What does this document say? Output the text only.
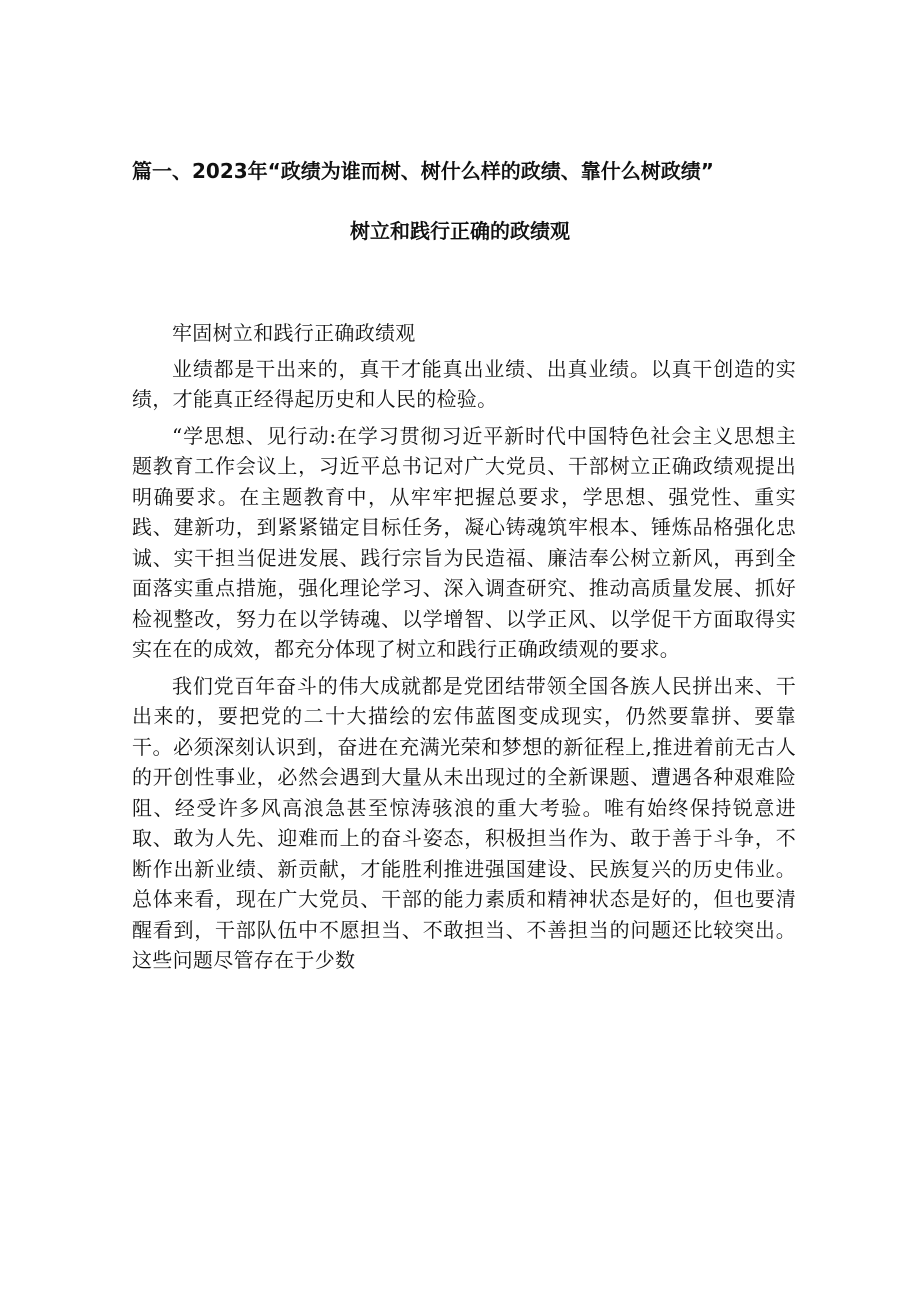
篇一、2023年“政绩为谁而树、树什么样的政绩、靠什么树政绩”
树立和践行正确的政绩观

牢固树立和践行正确政绩观

业绩都是干出来的，真干才能真出业绩、出真业绩。以真干创造的实绩，才能真正经得起历史和人民的检验。

“学思想、见行动:在学习贯彻习近平新时代中国特色社会主义思想主题教育工作会议上，习近平总书记对广大党员、干部树立正确政绩观提出明确要求。在主题教育中，从牢牢把握总要求，学思想、强党性、重实践、建新功，到紧紧锚定目标任务，凝心铸魂筑牢根本、锤炼品格强化忠诚、实干担当促进发展、践行宗旨为民造福、廉洁奉公树立新风，再到全面落实重点措施，强化理论学习、深入调查研究、推动高质量发展、抓好检视整改，努力在以学铸魂、以学增智、以学正风、以学促干方面取得实实在在的成效，都充分体现了树立和践行正确政绩观的要求。

我们党百年奋斗的伟大成就都是党团结带领全国各族人民拼出来、干出来的，要把党的二十大描绘的宏伟蓝图变成现实，仍然要靠拼、要靠干。必须深刻认识到，奋进在充满光荣和梦想的新征程上,推进着前无古人的开创性事业，必然会遇到大量从未出现过的全新课题、遭遇各种艰难险阻、经受许多风高浪急甚至惊涛骇浪的重大考验。唯有始终保持锐意进取、敢为人先、迎难而上的奋斗姿态，积极担当作为、敢于善于斗争，不断作出新业绩、新贡献，才能胜利推进强国建设、民族复兴的历史伟业。总体来看，现在广大党员、干部的能力素质和精神状态是好的，但也要清醒看到，干部队伍中不愿担当、不敢担当、不善担当的问题还比较突出。这些问题尽管存在于少数
